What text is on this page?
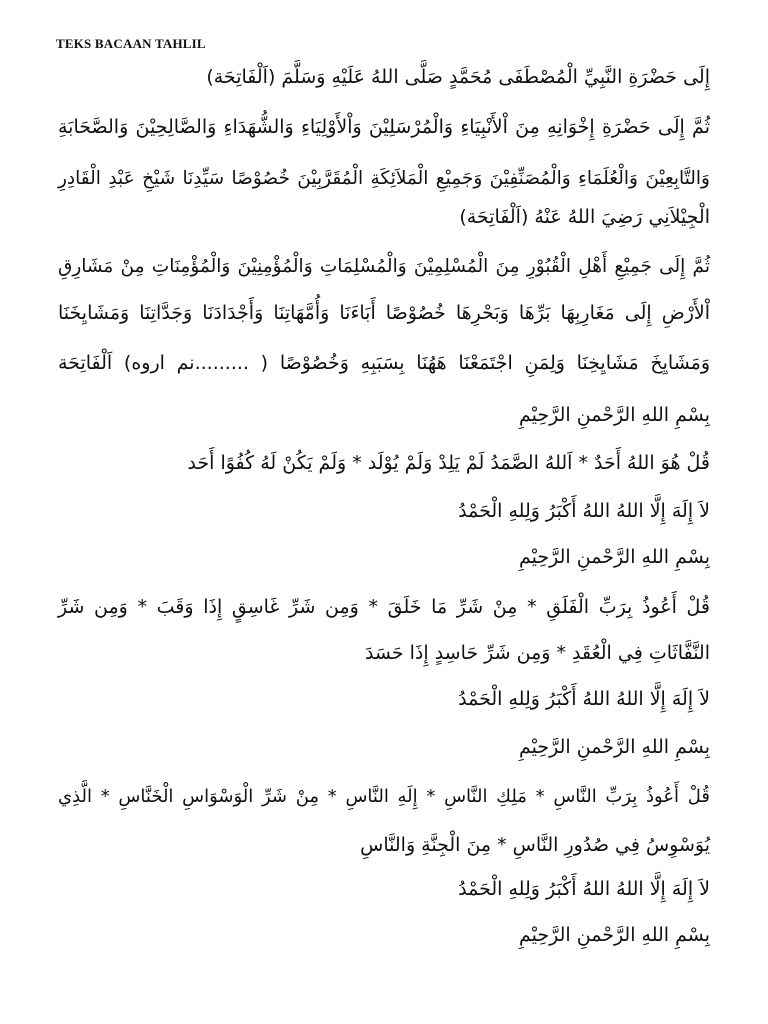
TEKS BACAAN TAHLIL

إِلَى حَضْرَةِ النَّبِيِّ الْمُصْطَفَى مُحَمَّدٍ صَلَّى اللهُ عَلَيْهِ وَسَلَّمَ (اَلْفَاتِحَة)

ثُمَّ إِلَى حَضْرَةِ إِخْوَانِهِ مِنَ اْلأَنْبِيَاءِ وَالْمُرْسَلِيْنَ وَاْلأَوْلِيَاءِ وَالشُّهَدَاءِ وَالصَّالِحِيْنَ وَالصَّحَابَةِ

وَالتَّابِعِيْنَ وَالْعُلَمَاءِ وَالْمُصَنِّفِيْنَ وَجَمِيْعِ الْمَلاَئِكَةِ الْمُقَرَّبِيْنَ خُصُوْصًا سَيِّدِنَا شَيْخِ عَبْدِ الْقَادِرِ

الْجِيْلاَنِي رَضِيَ اللهُ عَنْهُ (اَلْفَاتِحَة)

ثُمَّ إِلَى جَمِيْعِ أَهْلِ الْقُبُوْرِ مِنَ الْمُسْلِمِيْنَ وَالْمُسْلِمَاتِ وَالْمُؤْمِنِيْنَ وَالْمُؤْمِنَاتِ مِنْ مَشَارِقِ

اْلأَرْضِ إِلَى مَغَارِبِهَا بَرِّهَا وَبَحْرِهَا خُصُوْصًا أَبَاءَنَا وَأُمَّهَاتِنَا وَأَجْدَادَنَا وَجَدَّاتِنَا وَمَشَايِخَنَا

وَمَشَايِخَ مَشَايِخِنَا وَلِمَنِ اجْتَمَعْنَا هَهُنَا بِسَبَبِهِ وَخُصُوْصًا ( .........نم اروه) اَلْفَاتِحَة

بِسْمِ اللهِ الرَّحْمنِ الرَّحِيْمِ

قُلْ هُوَ اللهُ أَحَدٌ * اَللهُ الصَّمَدُ لَمْ يَلِدْ وَلَمْ يُوْلَد * وَلَمْ يَكُنْ لَهُ كُفُوًا أَحَد

لاَ إِلَهَ إِلَّا اللهُ اللهُ أَكْبَرُ وَلِلهِ الْحَمْدُ

بِسْمِ اللهِ الرَّحْمنِ الرَّحِيْمِ

قُلْ أَعُوذُ بِرَبِّ الْفَلَقِ * مِنْ شَرِّ مَا خَلَقَ * وَمِن شَرِّ غَاسِقٍ إِذَا وَقَبَ * وَمِن شَرِّ

النَّفَّاثَاتِ فِي الْعُقَدِ * وَمِن شَرِّ حَاسِدٍ إِذَا حَسَدَ

لاَ إِلَهَ إِلَّا اللهُ اللهُ أَكْبَرُ وَلِلهِ الْحَمْدُ

بِسْمِ اللهِ الرَّحْمنِ الرَّحِيْمِ

قُلْ أَعُوذُ بِرَبِّ النَّاسِ * مَلِكِ النَّاسِ * إِلَهِ النَّاسِ * مِنْ شَرِّ الْوَسْوَاسِ الْخَنَّاسِ * الَّذِي

يُوَسْوِسُ فِي صُدُورِ النَّاسِ * مِنَ الْجِنَّةِ وَالنَّاسِ

لاَ إِلَهَ إِلَّا اللهُ اللهُ أَكْبَرُ وَلِلهِ الْحَمْدُ

بِسْمِ اللهِ الرَّحْمنِ الرَّحِيْمِ
